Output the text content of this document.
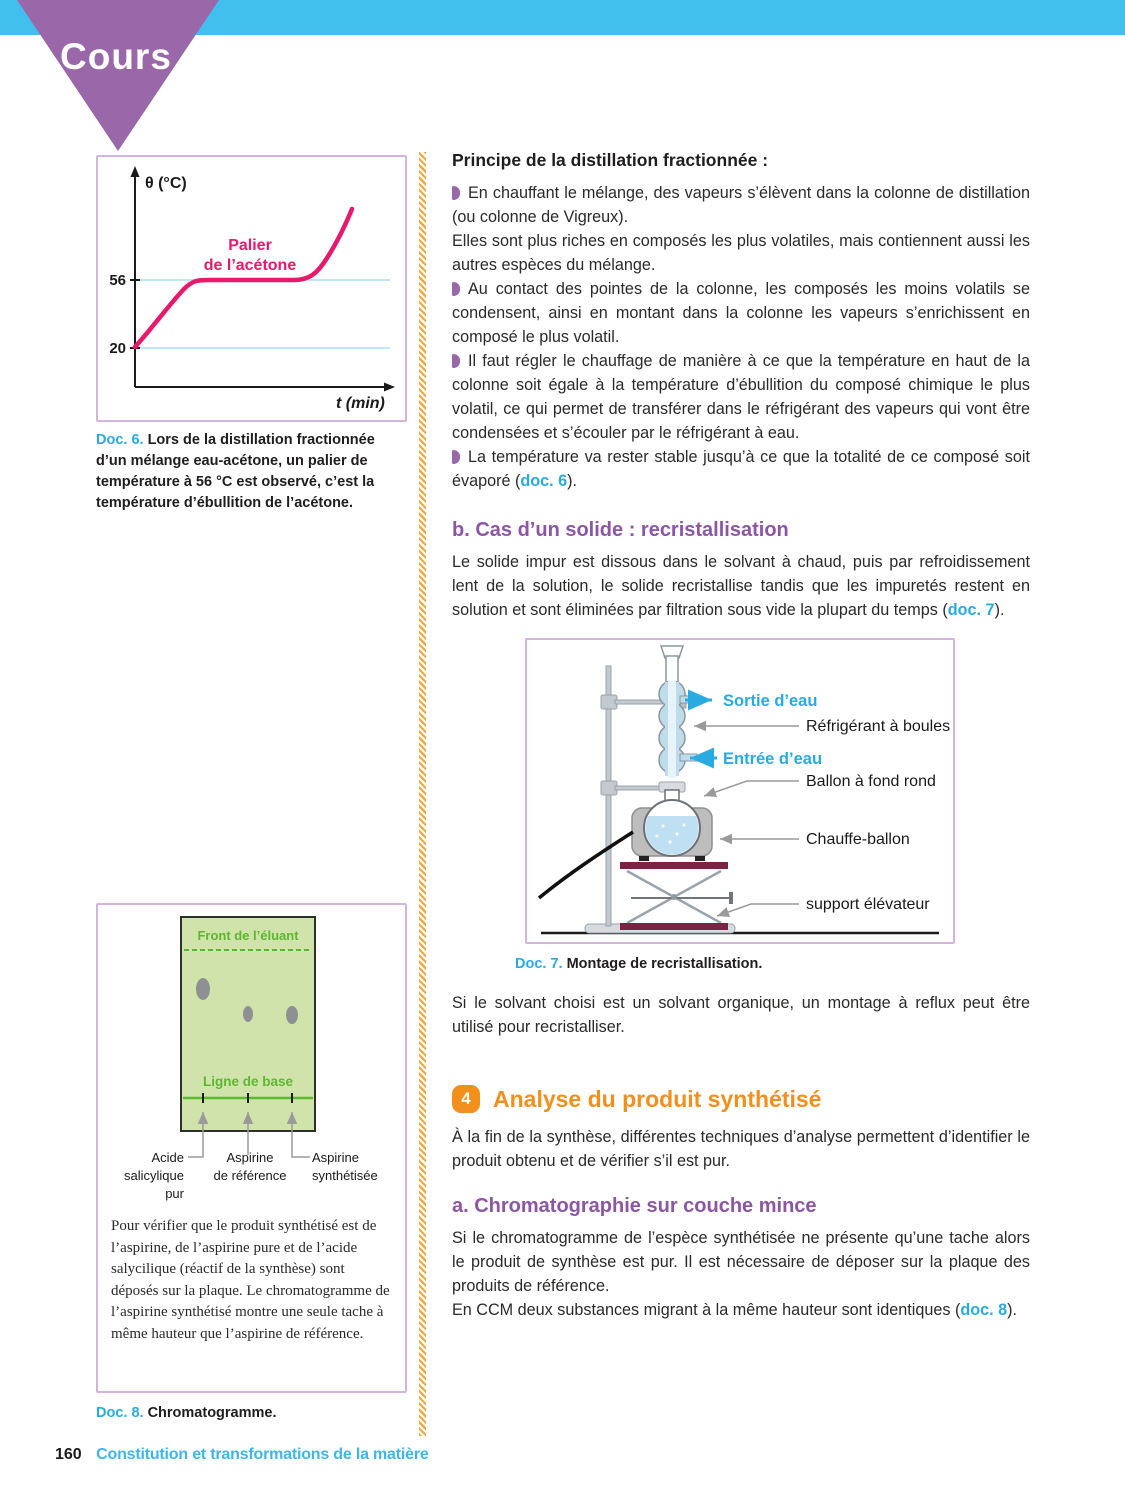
Cours
56
20
θ (°C)
t (min)
Palier
de l’acétone
Doc. 6. Lors de la distillation fractionnée d’un mélange eau-acétone, un palier de température à 56 °C est observé, c’est la température d’ébullition de l’acétone.
Front de l’éluant
Ligne de base
Acide
salicylique
pur
Aspirine
de référence
Aspirine
synthétisée
Pour vérifier que le produit synthétisé est de l’aspirine, de l’aspirine pure et de l’acide salycilique (réactif de la synthèse) sont déposés sur la plaque. Le chromatogramme de l’aspirine synthétisé montre une seule tache à même hauteur que l’aspirine de référence.
Doc. 8. Chromatogramme.
Principe de la distillation fractionnée :

En chauffant le mélange, des vapeurs s’élèvent dans la colonne de distillation (ou colonne de Vigreux).

Elles sont plus riches en composés les plus volatiles, mais contiennent aussi les autres espèces du mélange.

Au contact des pointes de la colonne, les composés les moins volatils se condensent, ainsi en montant dans la colonne les vapeurs s’enrichissent en composé le plus volatil.

Il faut régler le chauffage de manière à ce que la température en haut de la colonne soit égale à la température d’ébullition du composé chimique le plus volatil, ce qui permet de transférer dans le réfrigérant des vapeurs qui vont être condensées et s’écouler par le réfrigérant à eau.

La température va rester stable jusqu’à ce que la totalité de ce composé soit évaporé (doc. 6).

b. Cas d’un solide : recristallisation

Le solide impur est dissous dans le solvant à chaud, puis par refroidissement lent de la solution, le solide recristallise tandis que les impuretés restent en solution et sont éliminées par filtration sous vide la plupart du temps (doc. 7).

Sortie d’eau
Entrée d’eau
Réfrigérant à boules
Ballon à fond rond
Chauffe-ballon
support élévateur
Doc. 7. Montage de recristallisation.

Si le solvant choisi est un solvant organique, un montage à reflux peut être utilisé pour recristalliser.

4 Analyse du produit synthétisé

À la fin de la synthèse, différentes techniques d’analyse permettent d’identifier le produit obtenu et de vérifier s’il est pur.

a. Chromatographie sur couche mince

Si le chromatogramme de l’espèce synthétisée ne présente qu’une tache alors le produit de synthèse est pur. Il est nécessaire de déposer sur la plaque des produits de référence.

En CCM deux substances migrant à la même hauteur sont identiques (doc. 8).

160 Constitution et transformations de la matière
